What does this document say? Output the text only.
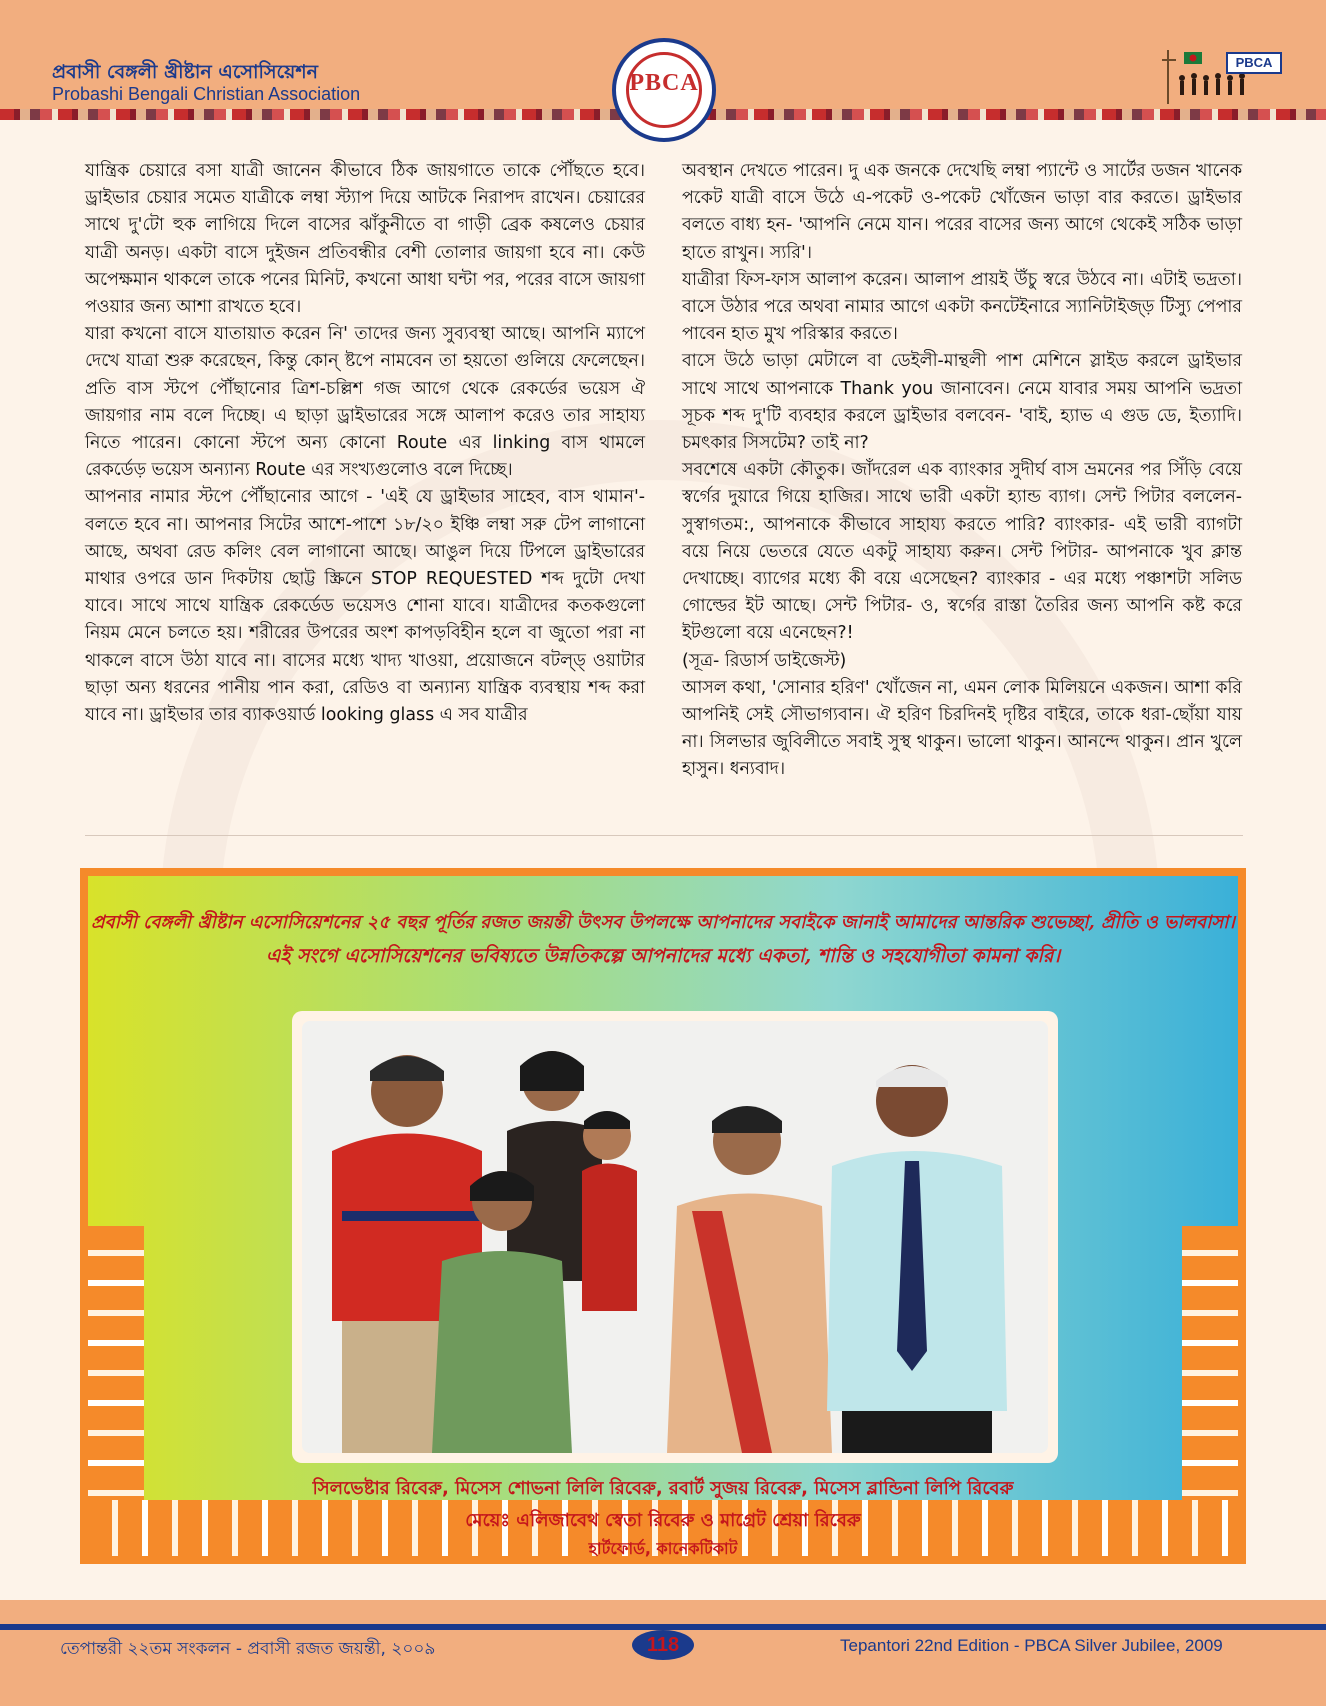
প্রবাসী বেঙ্গলী খ্রীষ্টান এসোসিয়েশন
Probashi Bengali Christian Association	PBCA
PBCA

যান্ত্রিক চেয়ারে বসা যাত্রী জানেন কীভাবে ঠিক জায়গাতে তাকে পৌঁছতে হবে। ড্রাইভার চেয়ার সমেত যাত্রীকে লম্বা স্ট্যাপ দিয়ে আটকে নিরাপদ রাখেন। চেয়ারের সাথে দু'টো হুক লাগিয়ে দিলে বাসের ঝাঁকুনীতে বা গাড়ী ব্রেক কষলেও চেয়ার যাত্রী অনড়। একটা বাসে দুইজন প্রতিবন্ধীর বেশী তোলার জায়গা হবে না। কেউ অপেক্ষমান থাকলে তাকে পনের মিনিট, কখনো আধা ঘন্টা পর, পরের বাসে জায়গা পওয়ার জন্য আশা রাখতে হবে।

যারা কখনো বাসে যাতায়াত করেন নি' তাদের জন্য সুব্যবস্থা আছে। আপনি ম্যাপে দেখে যাত্রা শুরু করেছেন, কিন্তু কোন্ ষ্টপে নামবেন তা হয়তো গুলিয়ে ফেলেছেন। প্রতি বাস স্টপে পৌঁছানোর ত্রিশ-চল্লিশ গজ আগে থেকে রেকর্ডের ভয়েস ঐ জায়গার নাম বলে দিচ্ছে। এ ছাড়া ড্রাইভারের সঙ্গে আলাপ করেও তার সাহায্য নিতে পারেন। কোনো স্টপে অন্য কোনো Route এর linking বাস থামলে রেকর্ডেড় ভয়েস অন্যান্য Route এর সংখ্যগুলোও বলে দিচ্ছে।

আপনার নামার স্টপে পৌঁছানোর আগে - 'এই যে ড্রাইভার সাহেব, বাস থামান'-বলতে হবে না। আপনার সিটের আশে-পাশে ১৮/২০ ইঞ্চি লম্বা সরু টেপ লাগানো আছে, অথবা রেড কলিং বেল লাগানো আছে। আঙুল দিয়ে টিপলে ড্রাইভারের মাথার ওপরে ডান দিকটায় ছোট্ট স্ক্রিনে STOP REQUESTED শব্দ দুটো দেখা যাবে। সাথে সাথে যান্ত্রিক রেকর্ডেড ভয়েসও শোনা যাবে। যাত্রীদের কতকগুলো নিয়ম মেনে চলতে হয়। শরীরের উপরের অংশ কাপড়বিহীন হলে বা জুতো পরা না থাকলে বাসে উঠা যাবে না। বাসের মধ্যে খাদ্য খাওয়া, প্রয়োজনে বটল্ড্ ওয়াটার ছাড়া অন্য ধরনের পানীয় পান করা, রেডিও বা অন্যান্য যান্ত্রিক ব্যবস্থায় শব্দ করা যাবে না। ড্রাইভার তার ব্যাকওয়ার্ড looking glass এ সব যাত্রীর

অবস্থান দেখতে পারেন। দু এক জনকে দেখেছি লম্বা প্যান্টে ও সার্টের ডজন খানেক পকেট যাত্রী বাসে উঠে এ-পকেট ও-পকেট খোঁজেন ভাড়া বার করতে। ড্রাইভার বলতে বাধ্য হন- 'আপনি নেমে যান। পরের বাসের জন্য আগে থেকেই সঠিক ভাড়া হাতে রাখুন। স্যরি'।

যাত্রীরা ফিস-ফাস আলাপ করেন। আলাপ প্রায়ই উঁচু স্বরে উঠবে না। এটাই ভদ্রতা। বাসে উঠার পরে অথবা নামার আগে একটা কনটেইনারে স্যানিটাইজ্ড় টিস্যু পেপার পাবেন হাত মুখ পরিস্কার করতে।

বাসে উঠে ভাড়া মেটালে বা ডেইলী-মান্থলী পাশ মেশিনে স্লাইড করলে ড্রাইভার সাথে সাথে আপনাকে Thank you জানাবেন। নেমে যাবার সময় আপনি ভদ্রতা সূচক শব্দ দু'টি ব্যবহার করলে ড্রাইভার বলবেন- 'বাই, হ্যাভ এ গুড ডে, ইত্যাদি। চমৎকার সিসটেম? তাই না?

সবশেষে একটা কৌতুক। জাঁদরেল এক ব্যাংকার সুদীর্ঘ বাস ভ্রমনের পর সিঁড়ি বেয়ে স্বর্গের দুয়ারে গিয়ে হাজির। সাথে ভারী একটা হ্যান্ড ব্যাগ। সেন্ট পিটার বললেন-সুস্বাগতম:, আপনাকে কীভাবে সাহায্য করতে পারি? ব্যাংকার- এই ভারী ব্যাগটা বয়ে নিয়ে ভেতরে যেতে একটু সাহায্য করুন। সেন্ট পিটার- আপনাকে খুব ক্লান্ত দেখাচ্ছে। ব্যাগের মধ্যে কী বয়ে এসেছেন? ব্যাংকার - এর মধ্যে পঞ্চাশটা সলিড গোল্ডের ইট আছে। সেন্ট পিটার- ও, স্বর্গের রাস্তা তৈরির জন্য আপনি কষ্ট করে ইটগুলো বয়ে এনেছেন?!

(সূত্র- রিডার্স ডাইজেস্ট)

আসল কথা, 'সোনার হরিণ' খোঁজেন না, এমন লোক মিলিয়নে একজন। আশা করি আপনিই সেই সৌভাগ্যবান। ঐ হরিণ চিরদিনই দৃষ্টির বাইরে, তাকে ধরা-ছোঁয়া যায় না। সিলভার জুবিলীতে সবাই সুস্থ থাকুন। ভালো থাকুন। আনন্দে থাকুন। প্রান খুলে হাসুন। ধন্যবাদ।

প্রবাসী বেঙ্গলী খ্রীষ্টান এসোসিয়েশনের ২৫ বছর পূর্তির রজত জয়ন্তী উৎসব উপলক্ষে আপনাদের সবাইকে জানাই আমাদের আন্তরিক শুভেচ্ছা, প্রীতি ও ভালবাসা।
এই সংগে এসোসিয়েশনের ভবিষ্যতে উন্নতিকল্পে আপনাদের মধ্যে একতা, শান্তি ও সহযোগীতা কামনা করি।
সিলভেষ্টার রিবেরু, মিসেস শোভনা লিলি রিবেরু, রবার্ট সুজয় রিবেরু, মিসেস ব্লান্ডিনা লিপি রিবেরু
মেয়েঃ এলিজাবেথ স্বেতা রিবেরু ও মাগ্রেট শ্রেয়া রিবেরু
হার্টফোর্ড, কানেকটিকাট
তেপান্তরী ২২তম সংকলন - প্রবাসী রজত জয়ন্তী, ২০০৯	118	Tepantori 22nd Edition - PBCA Silver Jubilee, 2009
